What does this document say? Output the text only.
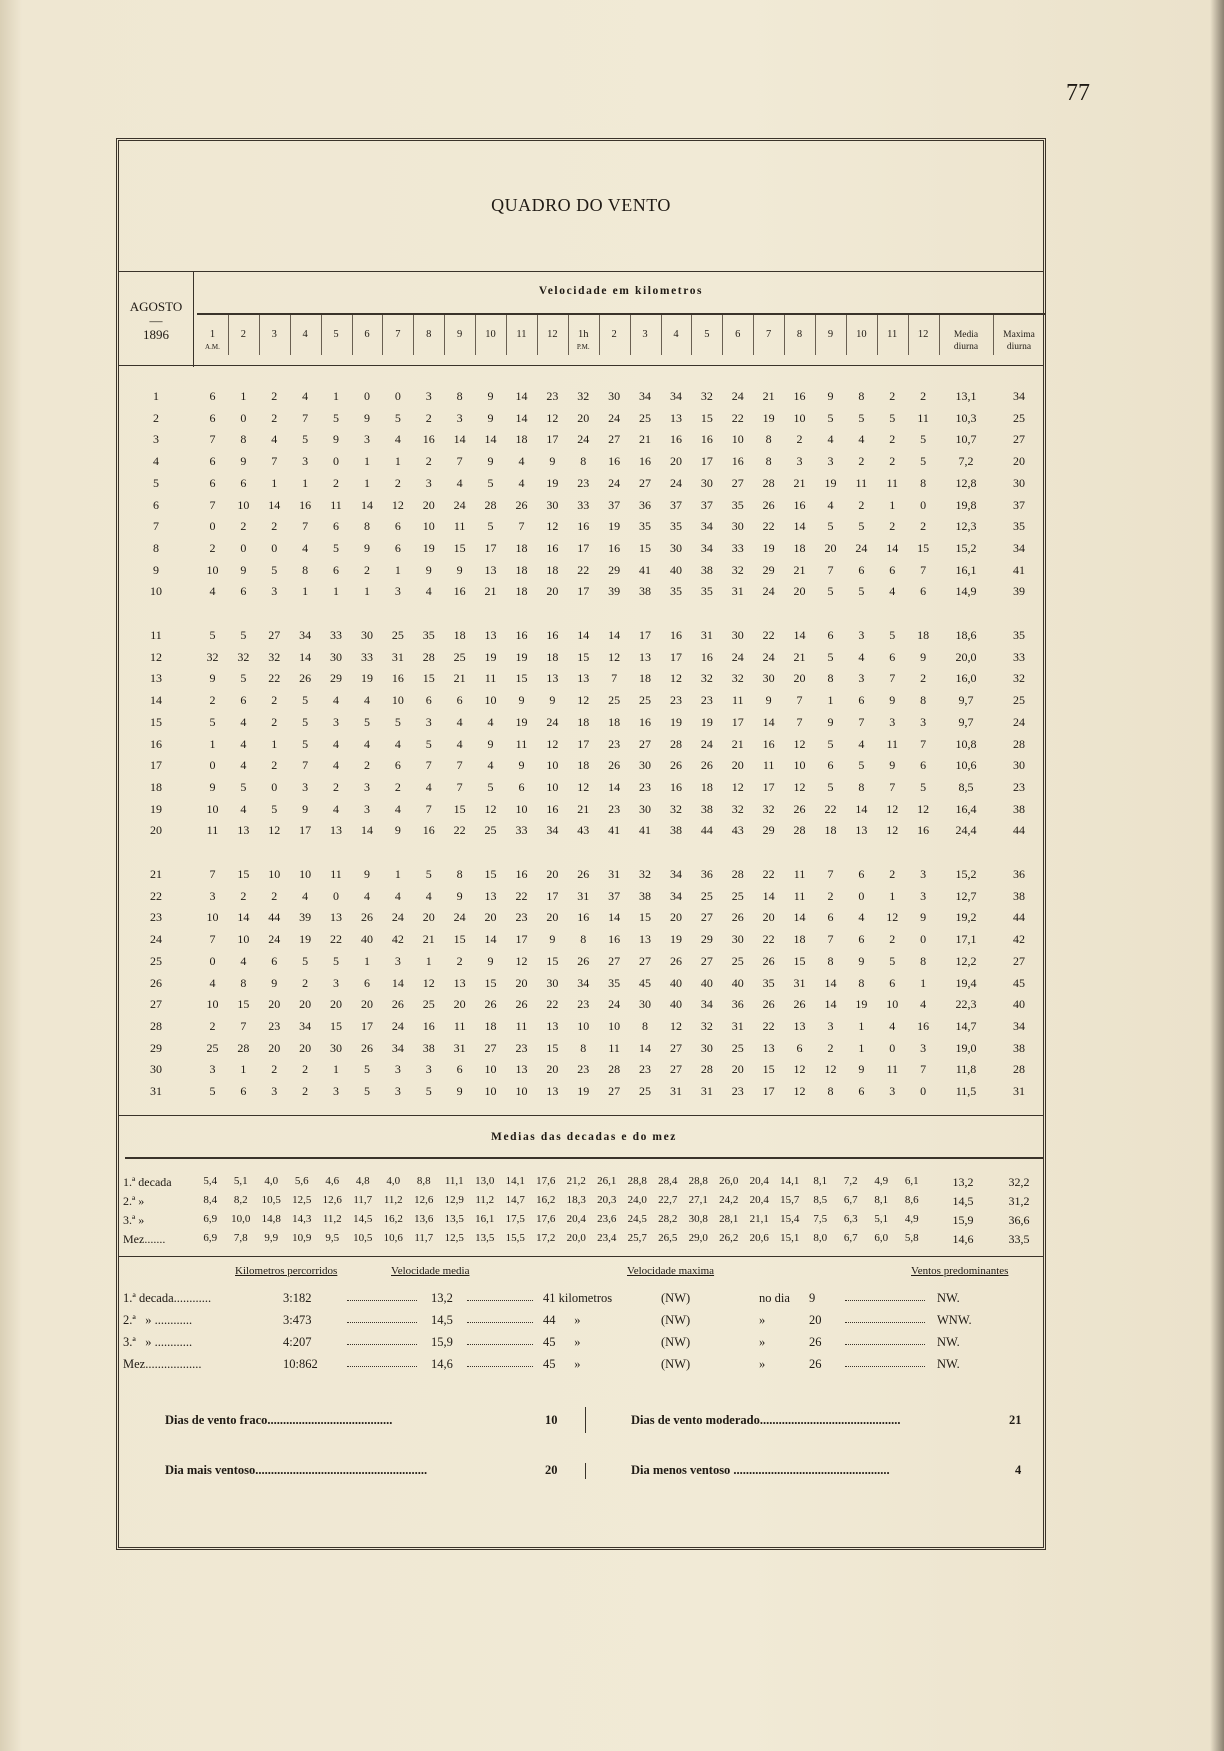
77
QUADRO DO VENTO
AGOSTO
—
1896
Velocidade em kilometros
1
A.M.
2	3	4	5	6	7	8	9	10	11	12	1h
P.M.
2	3	4	5	6	7	8	9	10	11	12	Media
diurna
Maxima
diurna
1	6	1	2	4	1	0	0	3	8	9	14	23	32	30	34	34	32	24	21	16	9	8	2	2	13,1	34
2	6	0	2	7	5	9	5	2	3	9	14	12	20	24	25	13	15	22	19	10	5	5	5	11	10,3	25
3	7	8	4	5	9	3	4	16	14	14	18	17	24	27	21	16	16	10	8	2	4	4	2	5	10,7	27
4	6	9	7	3	0	1	1	2	7	9	4	9	8	16	16	20	17	16	8	3	3	2	2	5	7,2	20
5	6	6	1	1	2	1	2	3	4	5	4	19	23	24	27	24	30	27	28	21	19	11	11	8	12,8	30
6	7	10	14	16	11	14	12	20	24	28	26	30	33	37	36	37	37	35	26	16	4	2	1	0	19,8	37
7	0	2	2	7	6	8	6	10	11	5	7	12	16	19	35	35	34	30	22	14	5	5	2	2	12,3	35
8	2	0	0	4	5	9	6	19	15	17	18	16	17	16	15	30	34	33	19	18	20	24	14	15	15,2	34
9	10	9	5	8	6	2	1	9	9	13	18	18	22	29	41	40	38	32	29	21	7	6	6	7	16,1	41
10	4	6	3	1	1	1	3	4	16	21	18	20	17	39	38	35	35	31	24	20	5	5	4	6	14,9	39
11	5	5	27	34	33	30	25	35	18	13	16	16	14	14	17	16	31	30	22	14	6	3	5	18	18,6	35
12	32	32	32	14	30	33	31	28	25	19	19	18	15	12	13	17	16	24	24	21	5	4	6	9	20,0	33
13	9	5	22	26	29	19	16	15	21	11	15	13	13	7	18	12	32	32	30	20	8	3	7	2	16,0	32
14	2	6	2	5	4	4	10	6	6	10	9	9	12	25	25	23	23	11	9	7	1	6	9	8	9,7	25
15	5	4	2	5	3	5	5	3	4	4	19	24	18	18	16	19	19	17	14	7	9	7	3	3	9,7	24
16	1	4	1	5	4	4	4	5	4	9	11	12	17	23	27	28	24	21	16	12	5	4	11	7	10,8	28
17	0	4	2	7	4	2	6	7	7	4	9	10	18	26	30	26	26	20	11	10	6	5	9	6	10,6	30
18	9	5	0	3	2	3	2	4	7	5	6	10	12	14	23	16	18	12	17	12	5	8	7	5	8,5	23
19	10	4	5	9	4	3	4	7	15	12	10	16	21	23	30	32	38	32	32	26	22	14	12	12	16,4	38
20	11	13	12	17	13	14	9	16	22	25	33	34	43	41	41	38	44	43	29	28	18	13	12	16	24,4	44
21	7	15	10	10	11	9	1	5	8	15	16	20	26	31	32	34	36	28	22	11	7	6	2	3	15,2	36
22	3	2	2	4	0	4	4	4	9	13	22	17	31	37	38	34	25	25	14	11	2	0	1	3	12,7	38
23	10	14	44	39	13	26	24	20	24	20	23	20	16	14	15	20	27	26	20	14	6	4	12	9	19,2	44
24	7	10	24	19	22	40	42	21	15	14	17	9	8	16	13	19	29	30	22	18	7	6	2	0	17,1	42
25	0	4	6	5	5	1	3	1	2	9	12	15	26	27	27	26	27	25	26	15	8	9	5	8	12,2	27
26	4	8	9	2	3	6	14	12	13	15	20	30	34	35	45	40	40	40	35	31	14	8	6	1	19,4	45
27	10	15	20	20	20	20	26	25	20	26	26	22	23	24	30	40	34	36	26	26	14	19	10	4	22,3	40
28	2	7	23	34	15	17	24	16	11	18	11	13	10	10	8	12	32	31	22	13	3	1	4	16	14,7	34
29	25	28	20	20	30	26	34	38	31	27	23	15	8	11	14	27	30	25	13	6	2	1	0	3	19,0	38
30	3	1	2	2	1	5	3	3	6	10	13	20	23	28	23	27	28	20	15	12	12	9	11	7	11,8	28
31	5	6	3	2	3	5	3	5	9	10	10	13	19	27	25	31	31	23	17	12	8	6	3	0	11,5	31
Medias das decadas e do mez
1.ª decada	5,4	5,1	4,0	5,6	4,6	4,8	4,0	8,8	11,1	13,0	14,1	17,6	21,2	26,1	28,8	28,4	28,8	26,0	20,4	14,1	8,1	7,2	4,9	6,1	13,2	32,2
2.ª »	8,4	8,2	10,5	12,5	12,6	11,7	11,2	12,6	12,9	11,2	14,7	16,2	18,3	20,3	24,0	22,7	27,1	24,2	20,4	15,7	8,5	6,7	8,1	8,6	14,5	31,2
3.ª »	6,9	10,0	14,8	14,3	11,2	14,5	16,2	13,6	13,5	16,1	17,5	17,6	20,4	23,6	24,5	28,2	30,8	28,1	21,1	15,4	7,5	6,3	5,1	4,9	15,9	36,6
Mez.......	6,9	7,8	9,9	10,9	9,5	10,5	10,6	11,7	12,5	13,5	15,5	17,2	20,0	23,4	25,7	26,5	29,0	26,2	20,6	15,1	8,0	6,7	6,0	5,8	14,6	33,5
Kilometros percorridos	Velocidade media	Velocidade maxima	Ventos predominantes
1.ª decada............	3:182	13,2	41 kilometros	(NW)	no dia 9	NW.
2.ª   » ............	3:473	14,5	44      »	(NW)	»	20	WNW.
3.ª   » ............	4:207	15,9	45      »	(NW)	»	26	NW.
Mez..................	10:862	14,6	45      »	(NW)	»	26	NW.
Dias de vento fraco........................................	10	Dias de vento moderado.............................................	21
Dia mais ventoso.......................................................	20	Dia menos ventoso ..................................................	4
